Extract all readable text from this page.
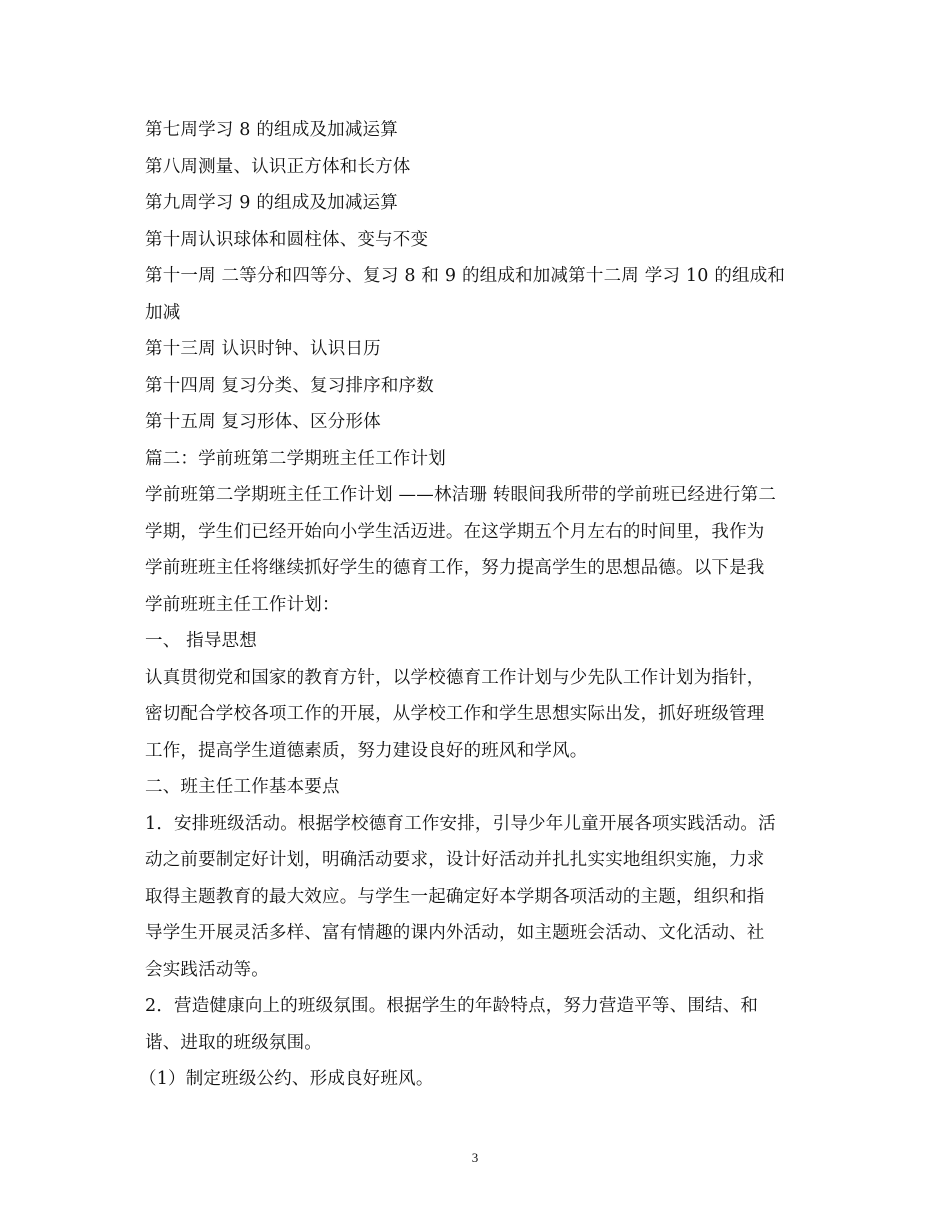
第七周学习 8 的组成及加减运算
第八周测量、认识正方体和长方体
第九周学习 9 的组成及加减运算
第十周认识球体和圆柱体、变与不变
第十一周 二等分和四等分、复习 8 和 9 的组成和加减第十二周 学习 10 的组成和
加减
第十三周 认识时钟、认识日历
第十四周 复习分类、复习排序和序数
第十五周 复习形体、区分形体
篇二：学前班第二学期班主任工作计划
学前班第二学期班主任工作计划 ——林洁珊 转眼间我所带的学前班已经进行第二
学期，学生们已经开始向小学生活迈进。在这学期五个月左右的时间里，我作为
学前班班主任将继续抓好学生的德育工作，努力提高学生的思想品德。以下是我
学前班班主任工作计划：
一、 指导思想
认真贯彻党和国家的教育方针，以学校德育工作计划与少先队工作计划为指针，
密切配合学校各项工作的开展，从学校工作和学生思想实际出发，抓好班级管理
工作，提高学生道德素质，努力建设良好的班风和学风。
二、班主任工作基本要点
1．安排班级活动。根据学校德育工作安排，引导少年儿童开展各项实践活动。活
动之前要制定好计划，明确活动要求，设计好活动并扎扎实实地组织实施，力求
取得主题教育的最大效应。与学生一起确定好本学期各项活动的主题，组织和指
导学生开展灵活多样、富有情趣的课内外活动，如主题班会活动、文化活动、社
会实践活动等。
2．营造健康向上的班级氛围。根据学生的年龄特点，努力营造平等、围结、和
谐、进取的班级氛围。
（1）制定班级公约、形成良好班风。
3
